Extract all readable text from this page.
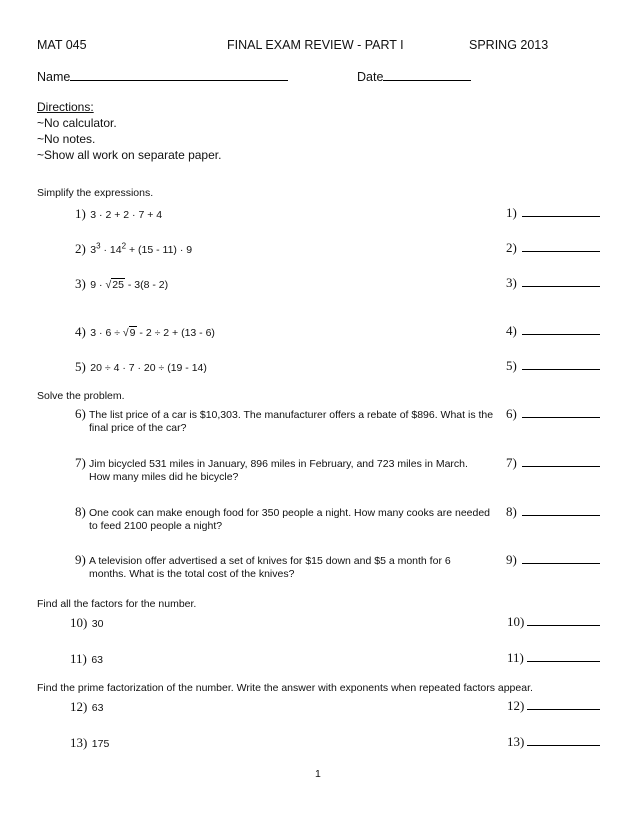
MAT 045	FINAL EXAM REVIEW - PART I	SPRING 2013
Name	Date
Directions:
~No calculator.
~No notes.
~Show all work on separate paper.
Simplify the expressions.
1) 3 · 2 + 2 · 7 + 4	1)
2) $3^3 \cdot 14^2 + (15 - 11) \cdot 9$	2)
3) 9 · √25 - 3(8 - 2)	3)
4) 3 · 6 ÷ √9 - 2 ÷ 2 + (13 - 6)	4)
5) 20 ÷ 4 · 7 · 20 ÷ (19 - 14)	5)
Solve the problem.
6) The list price of a car is $10,303. The manufacturer offers a rebate of $896. What is the final price of the car?
6)
7) Jim bicycled 531 miles in January, 896 miles in February, and 723 miles in March. How many miles did he bicycle?
7)
8) One cook can make enough food for 350 people a night. How many cooks are needed to feed 2100 people a night?
8)
9) A television offer advertised a set of knives for $15 down and $5 a month for 6 months. What is the total cost of the knives?
9)
Find all the factors for the number.
10) 30	10)
11) 63	11)
Find the prime factorization of the number. Write the answer with exponents when repeated factors appear.
12) 63	12)
13) 175	13)
1
